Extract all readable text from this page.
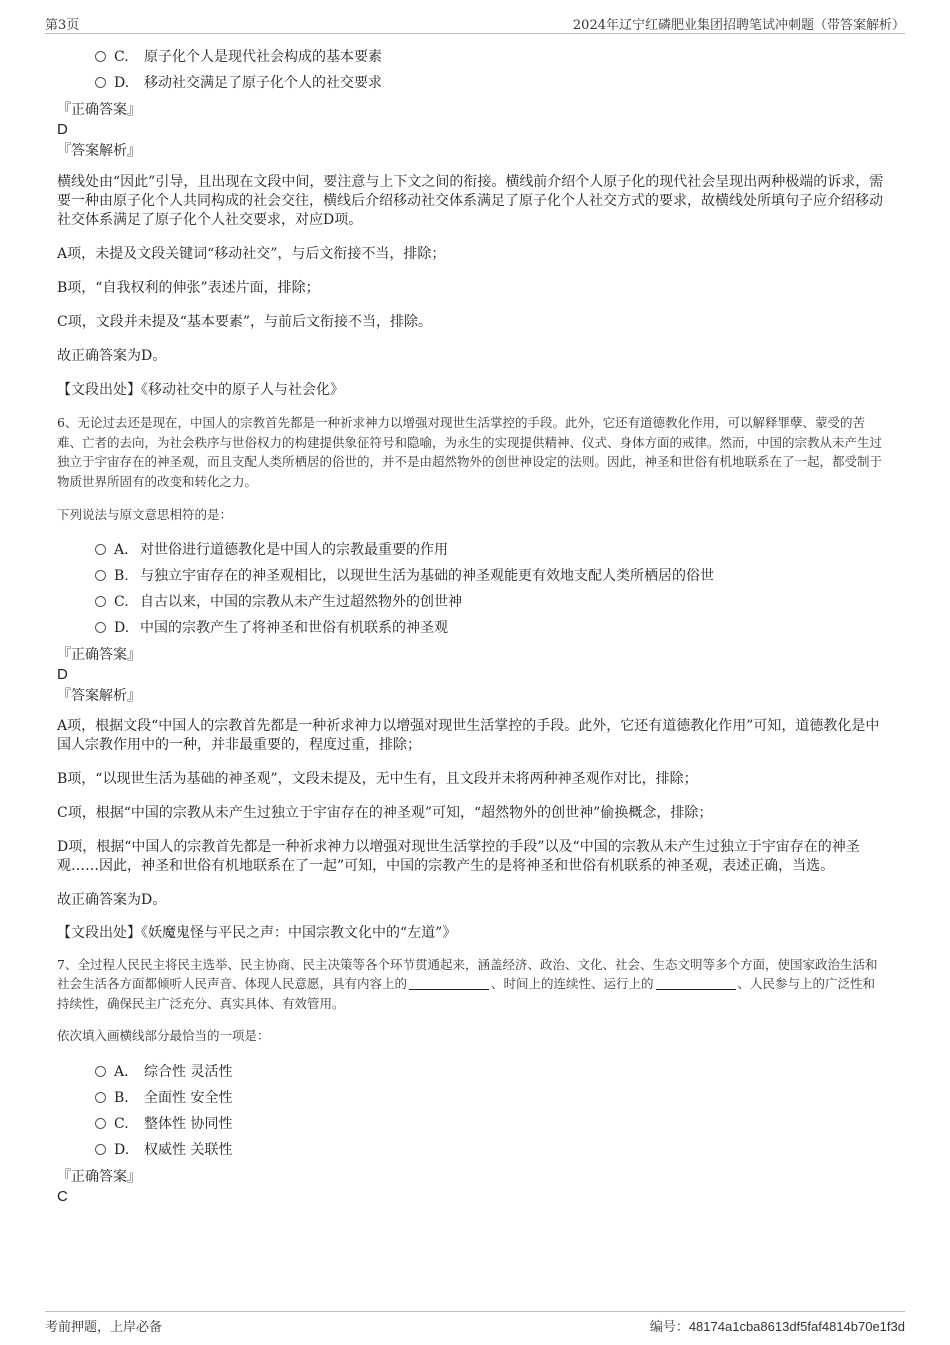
第3页	2024年辽宁红磷肥业集团招聘笔试冲刺题（带答案解析）
C. 原子化个人是现代社会构成的基本要素
D. 移动社交满足了原子化个人的社交要求
『正确答案』
D
『答案解析』
横线处由“因此”引导，且出现在文段中间，要注意与上下文之间的衔接。横线前介绍个人原子化的现代社会呈现出两种极端的诉求，需要一种由原子化个人共同构成的社会交往，横线后介绍移动社交体系满足了原子化个人社交方式的要求，故横线处所填句子应介绍移动社交体系满足了原子化个人社交要求，对应D项。
A项，未提及文段关键词“移动社交”，与后文衔接不当，排除；
B项，“自我权利的伸张”表述片面，排除；
C项，文段并未提及“基本要素”，与前后文衔接不当，排除。
故正确答案为D。
【文段出处】《移动社交中的原子人与社会化》
6、无论过去还是现在，中国人的宗教首先都是一种祈求神力以增强对现世生活掌控的手段。此外，它还有道德教化作用，可以解释罪孽、蒙受的苦难、亡者的去向，为社会秩序与世俗权力的构建提供象征符号和隐喻，为永生的实现提供精神、仪式、身体方面的戒律。然而，中国的宗教从未产生过独立于宇宙存在的神圣观，而且支配人类所栖居的俗世的，并不是由超然物外的创世神设定的法则。因此，神圣和世俗有机地联系在了一起，都受制于物质世界所固有的改变和转化之力。
下列说法与原文意思相符的是：
A. 对世俗进行道德教化是中国人的宗教最重要的作用
B. 与独立宇宙存在的神圣观相比，以现世生活为基础的神圣观能更有效地支配人类所栖居的俗世
C. 自古以来，中国的宗教从未产生过超然物外的创世神
D. 中国的宗教产生了将神圣和世俗有机联系的神圣观
『正确答案』
D
『答案解析』
A项，根据文段“中国人的宗教首先都是一种祈求神力以增强对现世生活掌控的手段。此外，它还有道德教化作用”可知，道德教化是中国人宗教作用中的一种，并非最重要的，程度过重，排除；
B项，“以现世生活为基础的神圣观”，文段未提及，无中生有，且文段并未将两种神圣观作对比，排除；
C项，根据“中国的宗教从未产生过独立于宇宙存在的神圣观”可知，“超然物外的创世神”偷换概念，排除；
D项，根据“中国人的宗教首先都是一种祈求神力以增强对现世生活掌控的手段”以及“中国的宗教从未产生过独立于宇宙存在的神圣观……因此，神圣和世俗有机地联系在了一起”可知，中国的宗教产生的是将神圣和世俗有机联系的神圣观，表述正确，当选。
故正确答案为D。
【文段出处】《妖魔鬼怪与平民之声：中国宗教文化中的“左道”》
7、全过程人民民主将民主选举、民主协商、民主决策等各个环节贯通起来，涵盖经济、政治、文化、社会、生态文明等多个方面，使国家政治生活和社会生活各方面都倾听人民声音、体现人民意愿，具有内容上的	、时间上的连续性、运行上的	、人民参与上的广泛性和持续性，确保民主广泛充分、真实具体、有效管用。
依次填入画横线部分最恰当的一项是：
A. 综合性 灵活性
B. 全面性 安全性
C. 整体性 协同性
D. 权威性 关联性
『正确答案』
C
考前押题，上岸必备	编号：48174a1cba8613df5faf4814b70e1f3d
